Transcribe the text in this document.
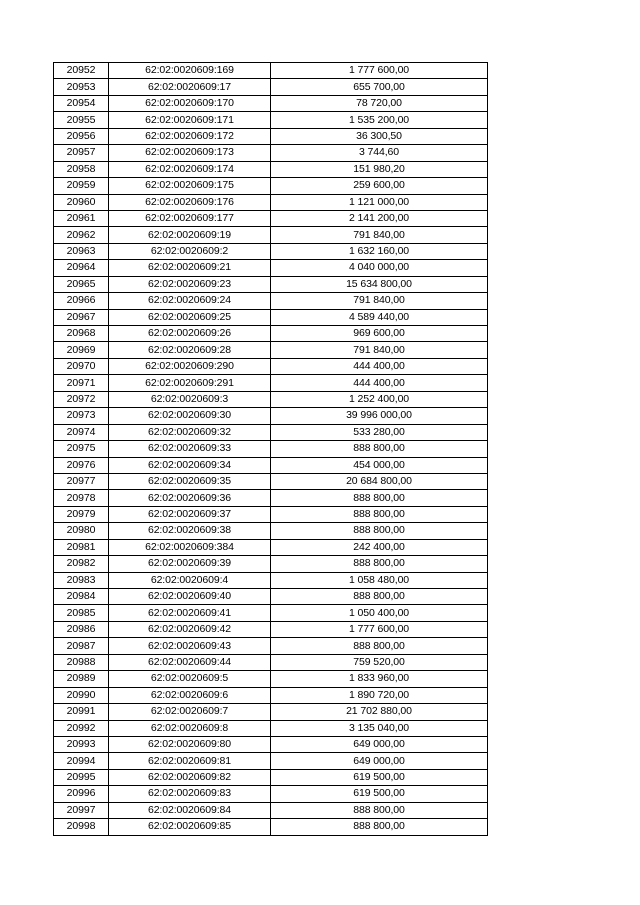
20952	62:02:0020609:169	1 777 600,00
20953	62:02:0020609:17	655 700,00
20954	62:02:0020609:170	78 720,00
20955	62:02:0020609:171	1 535 200,00
20956	62:02:0020609:172	36 300,50
20957	62:02:0020609:173	3 744,60
20958	62:02:0020609:174	151 980,20
20959	62:02:0020609:175	259 600,00
20960	62:02:0020609:176	1 121 000,00
20961	62:02:0020609:177	2 141 200,00
20962	62:02:0020609:19	791 840,00
20963	62:02:0020609:2	1 632 160,00
20964	62:02:0020609:21	4 040 000,00
20965	62:02:0020609:23	15 634 800,00
20966	62:02:0020609:24	791 840,00
20967	62:02:0020609:25	4 589 440,00
20968	62:02:0020609:26	969 600,00
20969	62:02:0020609:28	791 840,00
20970	62:02:0020609:290	444 400,00
20971	62:02:0020609:291	444 400,00
20972	62:02:0020609:3	1 252 400,00
20973	62:02:0020609:30	39 996 000,00
20974	62:02:0020609:32	533 280,00
20975	62:02:0020609:33	888 800,00
20976	62:02:0020609:34	454 000,00
20977	62:02:0020609:35	20 684 800,00
20978	62:02:0020609:36	888 800,00
20979	62:02:0020609:37	888 800,00
20980	62:02:0020609:38	888 800,00
20981	62:02:0020609:384	242 400,00
20982	62:02:0020609:39	888 800,00
20983	62:02:0020609:4	1 058 480,00
20984	62:02:0020609:40	888 800,00
20985	62:02:0020609:41	1 050 400,00
20986	62:02:0020609:42	1 777 600,00
20987	62:02:0020609:43	888 800,00
20988	62:02:0020609:44	759 520,00
20989	62:02:0020609:5	1 833 960,00
20990	62:02:0020609:6	1 890 720,00
20991	62:02:0020609:7	21 702 880,00
20992	62:02:0020609:8	3 135 040,00
20993	62:02:0020609:80	649 000,00
20994	62:02:0020609:81	649 000,00
20995	62:02:0020609:82	619 500,00
20996	62:02:0020609:83	619 500,00
20997	62:02:0020609:84	888 800,00
20998	62:02:0020609:85	888 800,00
